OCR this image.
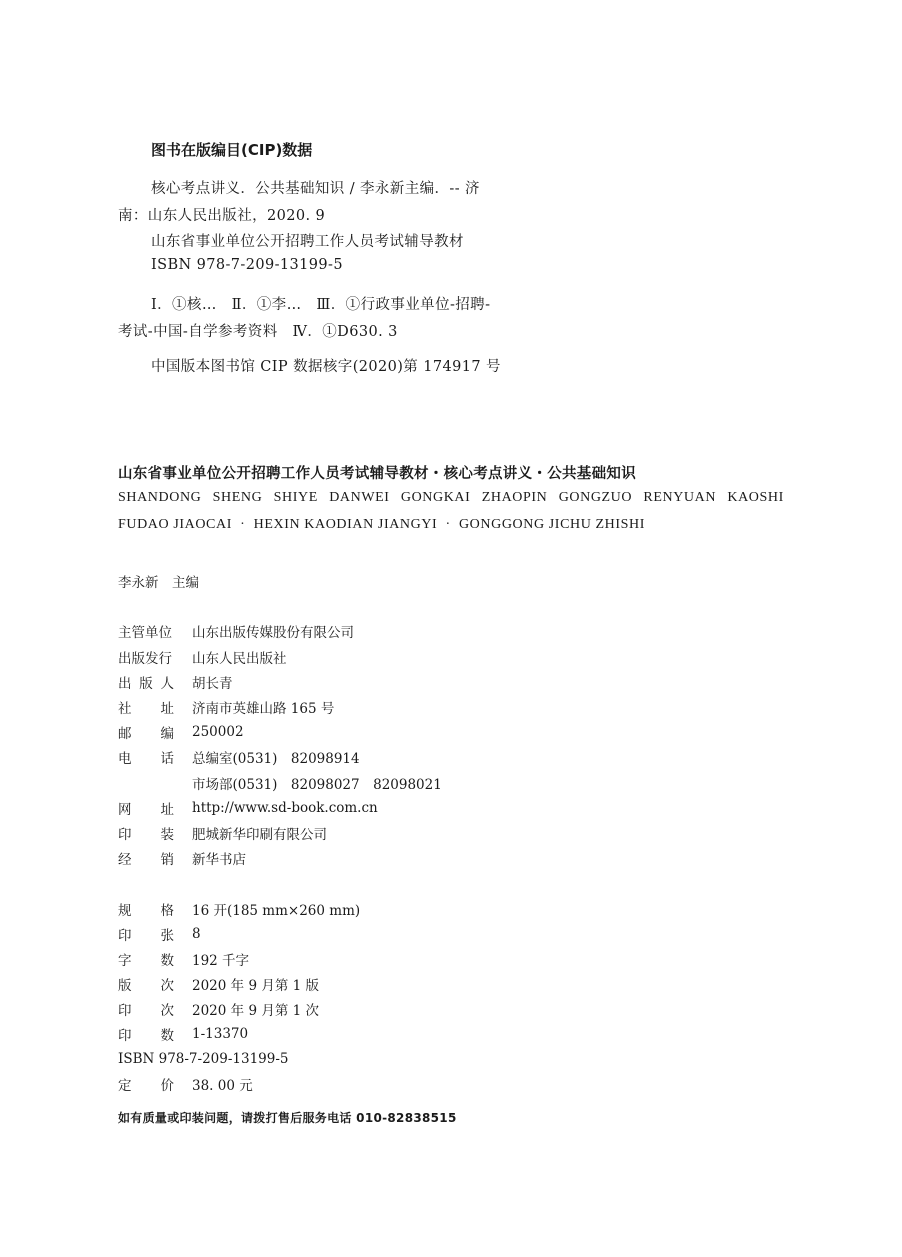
图书在版编目(CIP)数据
核心考点讲义．公共基础知识 / 李永新主编．-- 济
南：山东人民出版社，2020. 9
山东省事业单位公开招聘工作人员考试辅导教材
ISBN 978-7-209-13199-5
Ⅰ．①核…　Ⅱ．①李…　Ⅲ．①行政事业单位-招聘-
考试-中国-自学参考资料　Ⅳ．①D630. 3
中国版本图书馆 CIP 数据核字(2020)第 174917 号
山东省事业单位公开招聘工作人员考试辅导教材・核心考点讲义・公共基础知识
SHANDONG SHENG SHIYE DANWEI GONGKAI ZHAOPIN GONGZUO RENYUAN KAOSHI
FUDAO JIAOCAI  ·  HEXIN KAODIAN JIANGYI  ·  GONGGONG JICHU ZHISHI
李永新　主编
主管单位 山东出版传媒股份有限公司
出版发行 山东人民出版社
出 版 人 胡长青
社 址 济南市英雄山路 165 号
邮 编 250002
电 话 总编室(0531)　82098914
市场部(0531)　82098027　82098021
网 址 http://www.sd-book.com.cn
印 装 肥城新华印刷有限公司
经 销 新华书店
规 格 16 开(185 mm×260 mm)
印 张 8
字 数 192 千字
版 次 2020 年 9 月第 1 版
印 次 2020 年 9 月第 1 次
印 数 1-13370
ISBN 978-7-209-13199-5
定 价 38. 00 元
如有质量或印装问题，请拨打售后服务电话 010-82838515
